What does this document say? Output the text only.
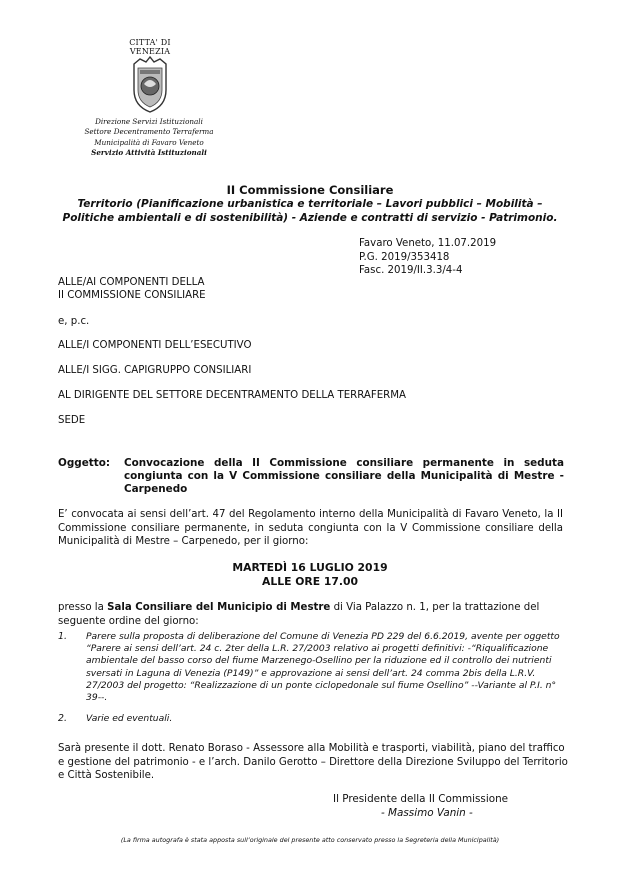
CITTA' DI
VENEZIA
Direzione Servizi Istituzionali
Settore Decentramento Terraferma
Municipalità di Favaro Veneto
Servizio Attività Istituzionali
II Commissione Consiliare
Territorio (Pianificazione urbanistica e territoriale – Lavori pubblici – Mobilità –
Politiche ambientali e di sostenibilità) - Aziende e contratti di servizio - Patrimonio.
Favaro Veneto, 11.07.2019
P.G. 2019/353418
Fasc. 2019/II.3.3/4-4
ALLE/AI COMPONENTI DELLA
II COMMISSIONE CONSILIARE
e, p.c.
ALLE/I COMPONENTI DELL’ESECUTIVO
ALLE/I SIGG. CAPIGRUPPO CONSILIARI
AL DIRIGENTE DEL SETTORE DECENTRAMENTO DELLA TERRAFERMA
SEDE
Oggetto: Convocazione della II Commissione consiliare permanente in seduta congiunta con la V Commissione consiliare della Municipalità di Mestre - Carpenedo
E’ convocata ai sensi dell’art. 47 del Regolamento interno della Municipalità di Favaro Veneto, la II Commissione consiliare permanente, in seduta congiunta con la V Commissione consiliare della Municipalità di Mestre – Carpenedo, per il giorno:
MARTEDÌ 16 LUGLIO 2019
ALLE ORE 17.00
presso la Sala Consiliare del Municipio di Mestre di Via Palazzo n. 1, per la trattazione del seguente ordine del giorno:
1.	Parere sulla proposta di deliberazione del Comune di Venezia PD 229 del 6.6.2019, avente per oggetto “Parere ai sensi dell’art. 24 c. 2ter della L.R. 27/2003 relativo ai progetti definitivi: -“Riqualificazione ambientale del basso corso del fiume Marzenego-Osellino per la riduzione ed il controllo dei nutrienti sversati in Laguna di Venezia (P149)” e approvazione ai sensi dell’art. 24 comma 2bis della L.R.V. 27/2003 del progetto: “Realizzazione di un ponte ciclopedonale sul fiume Osellino” --Variante al P.I. n° 39--.
2.	Varie ed eventuali.
Sarà presente il dott. Renato Boraso - Assessore alla Mobilità e trasporti, viabilità, piano del traffico e gestione del patrimonio - e l’arch. Danilo Gerotto – Direttore della Direzione Sviluppo del Territorio e Città Sostenibile.
Il Presidente della II Commissione
- Massimo Vanin -
(La firma autografa è stata apposta sull’originale del presente atto conservato presso la Segreteria della Municipalità)
